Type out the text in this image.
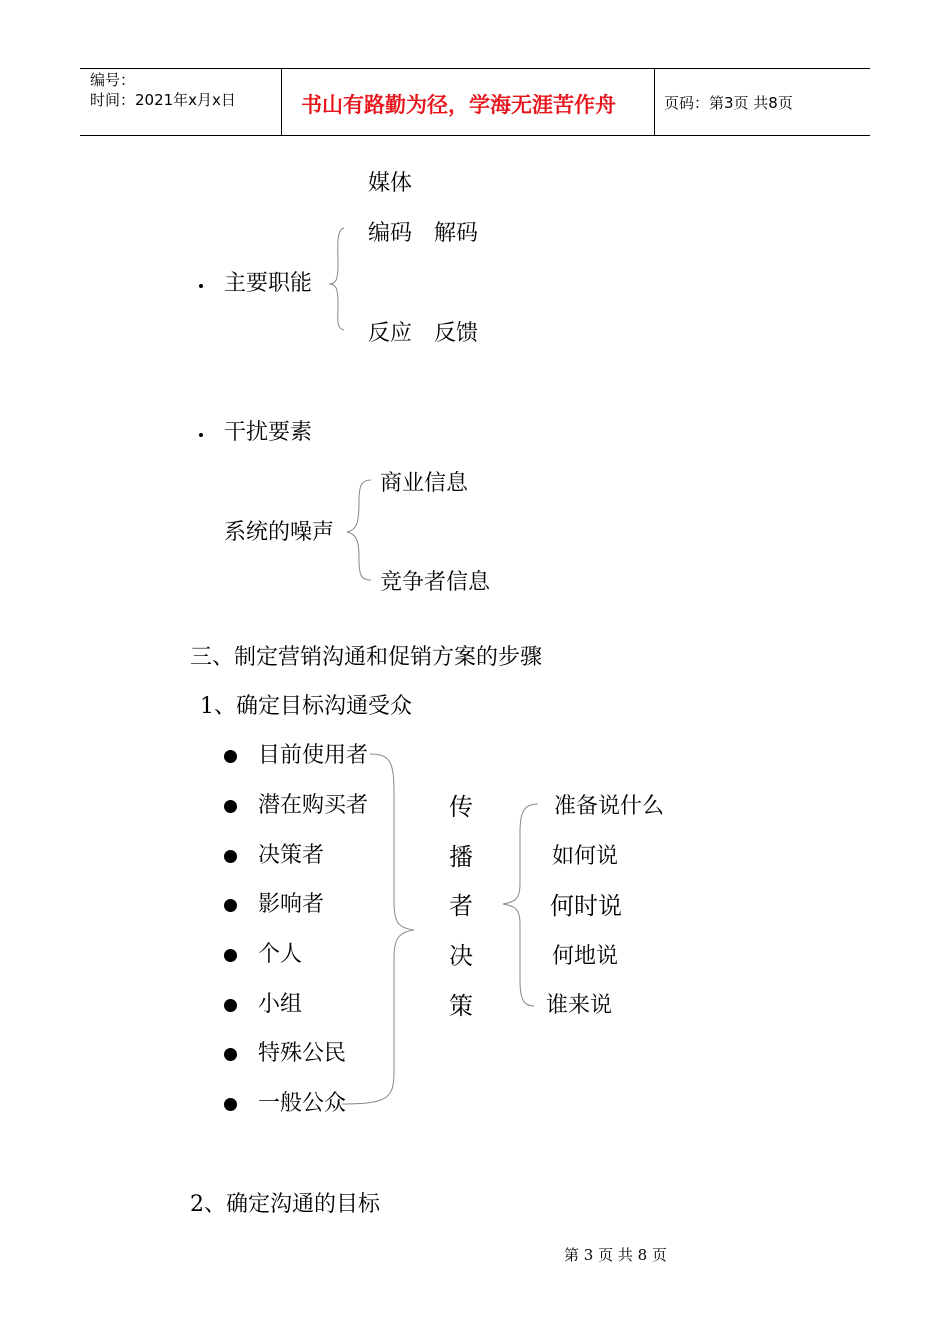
编号：
时间：2021年x月x日	书山有路勤为径，学海无涯苦作舟	页码：第3页 共8页
媒体
编码　解码
主要职能
反应　反馈
干扰要素
商业信息
系统的噪声
竞争者信息
三、制定营销沟通和促销方案的步骤
1、确定目标沟通受众
目前使用者
潜在购买者
决策者
影响者
个人
小组
特殊公民
一般公众
传
播
者
决
策
准备说什么
如何说
何时说
何地说
谁来说
2、确定沟通的目标
第 3 页 共 8 页
